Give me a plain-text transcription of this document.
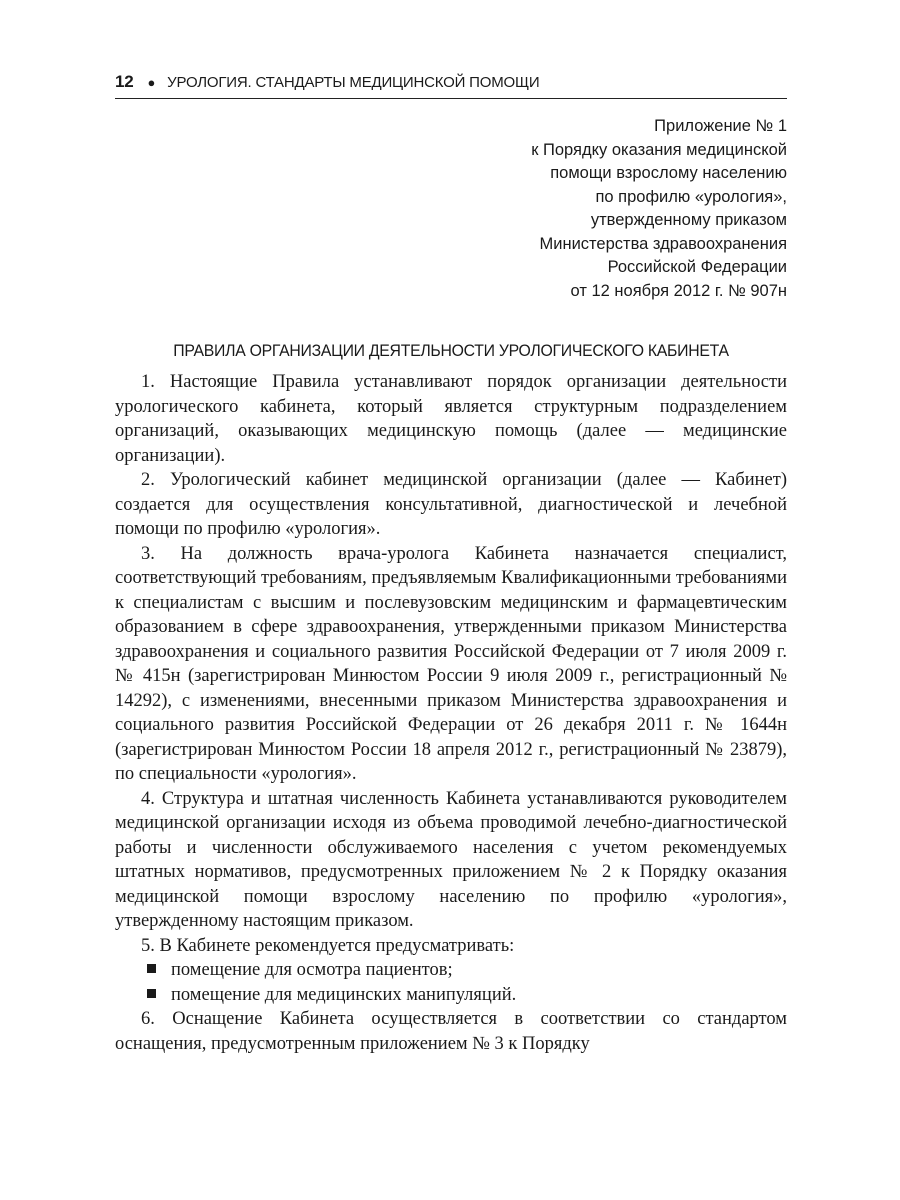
12 ● УРОЛОГИЯ. СТАНДАРТЫ МЕДИЦИНСКОЙ ПОМОЩИ
Приложение № 1
к Порядку оказания медицинской
помощи взрослому населению
по профилю «урология»,
утвержденному приказом
Министерства здравоохранения
Российской Федерации
от 12 ноября 2012 г. № 907н
ПРАВИЛА ОРГАНИЗАЦИИ ДЕЯТЕЛЬНОСТИ УРОЛОГИЧЕСКОГО КАБИНЕТА

1. Настоящие Правила устанавливают порядок организации деятельности урологического кабинета, который является структурным подразделением организаций, оказывающих медицинскую помощь (далее — медицинские организации).

2. Урологический кабинет медицинской организации (далее — Кабинет) создается для осуществления консультативной, диагностической и лечебной помощи по профилю «урология».

3. На должность врача-уролога Кабинета назначается специалист, соответствующий требованиям, предъявляемым Квалификационными требованиями к специалистам с высшим и послевузовским медицинским и фармацевтическим образованием в сфере здравоохранения, утвержденными приказом Министерства здравоохранения и социального развития Российской Федерации от 7 июля 2009 г. № 415н (зарегистрирован Минюстом России 9 июля 2009 г., регистрационный № 14292), с изменениями, внесенными приказом Министерства здравоохранения и социального развития Российской Федерации от 26 декабря 2011 г. № 1644н (зарегистрирован Минюстом России 18 апреля 2012 г., регистрационный № 23879), по специальности «урология».

4. Структура и штатная численность Кабинета устанавливаются руководителем медицинской организации исходя из объема проводимой лечебно-диагностической работы и численности обслуживаемого населения с учетом рекомендуемых штатных нормативов, предусмотренных приложением № 2 к Порядку оказания медицинской помощи взрослому населению по профилю «урология», утвержденному настоящим приказом.

5. В Кабинете рекомендуется предусматривать:

помещение для осмотра пациентов;
помещение для медицинских манипуляций.

6. Оснащение Кабинета осуществляется в соответствии со стандартом оснащения, предусмотренным приложением № 3 к Порядку
